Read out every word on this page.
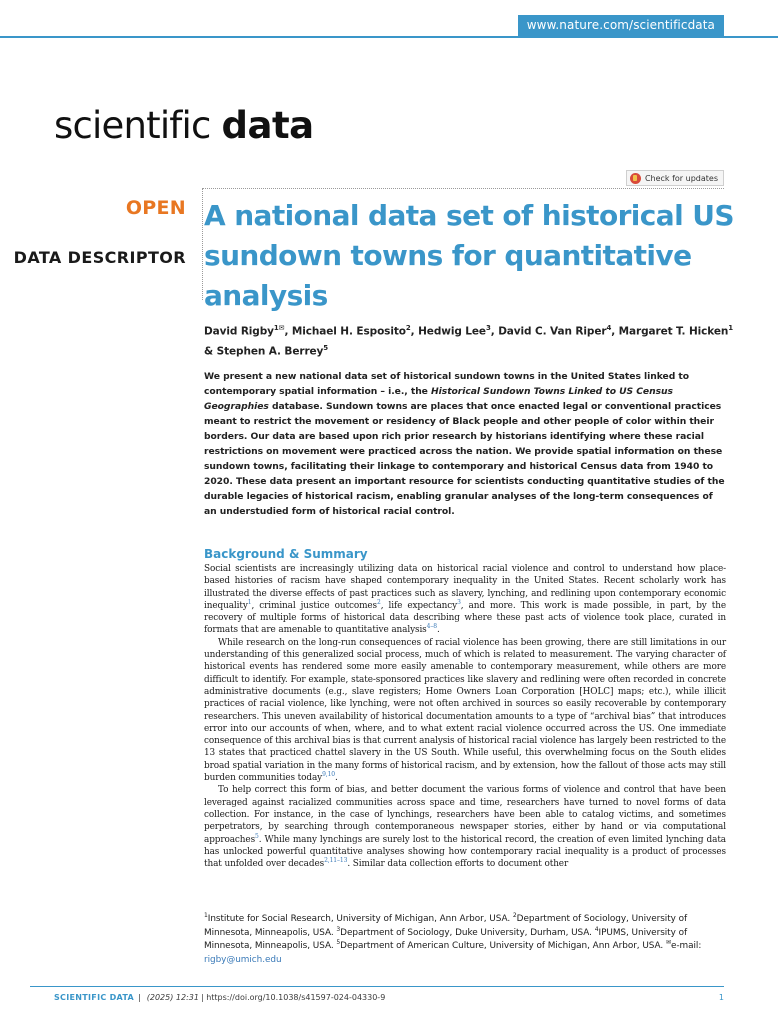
www.nature.com/scientificdata
scientific data
Check for updates
OPEN
DATA DESCRIPTOR
A national data set of historical US sundown towns for quantitative analysis
David Rigby$^{1✉}$, Michael H. Esposito$^2$, Hedwig Lee$^3$, David C. Van Riper$^4$, Margaret T. Hicken$^1$ & Stephen A. Berrey$^5$
We present a new national data set of historical sundown towns in the United States linked to contemporary spatial information – i.e., the Historical Sundown Towns Linked to US Census Geographies database. Sundown towns are places that once enacted legal or conventional practices meant to restrict the movement or residency of Black people and other people of color within their borders. Our data are based upon rich prior research by historians identifying where these racial restrictions on movement were practiced across the nation. We provide spatial information on these sundown towns, facilitating their linkage to contemporary and historical Census data from 1940 to 2020. These data present an important resource for scientists conducting quantitative studies of the durable legacies of historical racism, enabling granular analyses of the long-term consequences of an understudied form of historical racial control.
Background & Summary

Social scientists are increasingly utilizing data on historical racial violence and control to understand how place-based histories of racism have shaped contemporary inequality in the United States. Recent scholarly work has illustrated the diverse effects of past practices such as slavery, lynching, and redlining upon contemporary economic inequality$^1$, criminal justice outcomes$^2$, life expectancy$^3$, and more. This work is made possible, in part, by the recovery of multiple forms of historical data describing where these past acts of violence took place, curated in formats that are amenable to quantitative analysis$^{4-8}$.

While research on the long-run consequences of racial violence has been growing, there are still limitations in our understanding of this generalized social process, much of which is related to measurement. The varying character of historical events has rendered some more easily amenable to contemporary measurement, while others are more difficult to identify. For example, state-sponsored practices like slavery and redlining were often recorded in concrete administrative documents (e.g., slave registers; Home Owners Loan Corporation [HOLC] maps; etc.), while illicit practices of racial violence, like lynching, were not often archived in sources so easily recoverable by contemporary researchers. This uneven availability of historical documentation amounts to a type of “archival bias” that introduces error into our accounts of when, where, and to what extent racial violence occurred across the US. One immediate consequence of this archival bias is that current analysis of historical racial violence has largely been restricted to the 13 states that practiced chattel slavery in the US South. While useful, this overwhelming focus on the South elides broad spatial variation in the many forms of historical racism, and by extension, how the fallout of those acts may still burden communities today$^{9,10}$.

To help correct this form of bias, and better document the various forms of violence and control that have been leveraged against racialized communities across space and time, researchers have turned to novel forms of data collection. For instance, in the case of lynchings, researchers have been able to catalog victims, and sometimes perpetrators, by searching through contemporaneous newspaper stories, either by hand or via computational approaches$^5$. While many lynchings are surely lost to the historical record, the creation of even limited lynching data has unlocked powerful quantitative analyses showing how contemporary racial inequality is a product of processes that unfolded over decades$^{2,11-13}$. Similar data collection efforts to document other

$^1$Institute for Social Research, University of Michigan, Ann Arbor, USA. $^2$Department of Sociology, University of Minnesota, Minneapolis, USA. $^3$Department of Sociology, Duke University, Durham, USA. $^4$IPUMS, University of Minnesota, Minneapolis, USA. $^5$Department of American Culture, University of Michigan, Ann Arbor, USA. ✉e-mail: rigby@umich.edu
SCIENTIFIC DATA | (2025) 12:31 | https://doi.org/10.1038/s41597-024-04330-9	1
